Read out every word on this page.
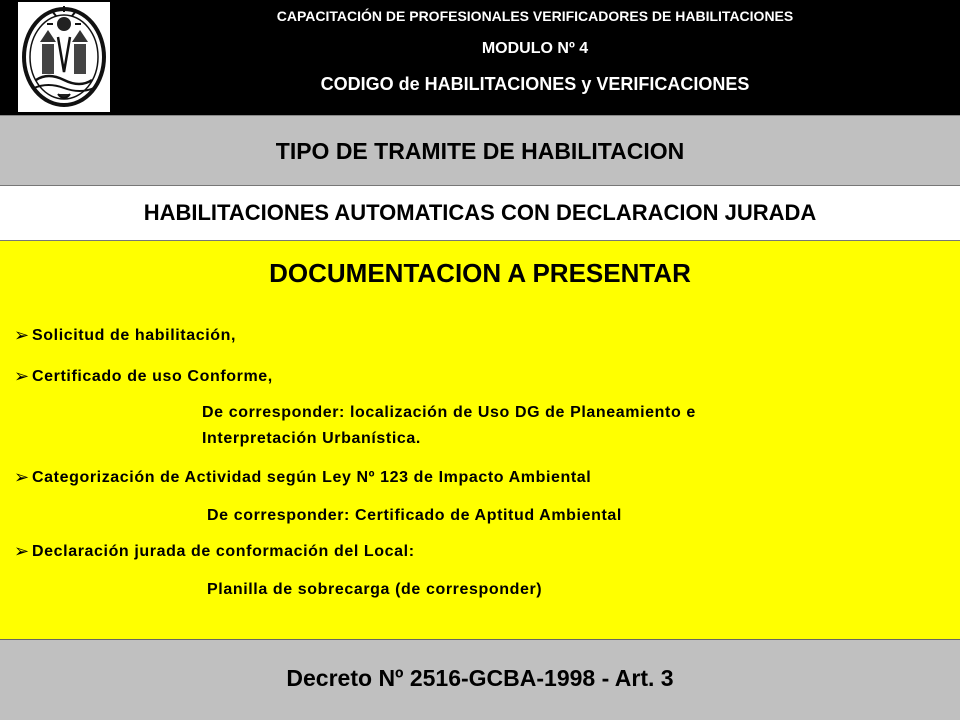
CAPACITACIÓN DE PROFESIONALES VERIFICADORES DE HABILITACIONES
MODULO Nº 4
CODIGO de HABILITACIONES y VERIFICACIONES
TIPO DE TRAMITE DE HABILITACION
HABILITACIONES AUTOMATICAS CON DECLARACION JURADA
DOCUMENTACION A PRESENTAR
➢ Solicitud de habilitación,
➢ Certificado de uso Conforme,
De corresponder: localización de Uso DG de Planeamiento e
Interpretación Urbanística.
➢ Categorización de Actividad según Ley Nº 123 de Impacto Ambiental
De corresponder: Certificado de Aptitud Ambiental
➢ Declaración jurada de conformación del Local:
Planilla de sobrecarga (de corresponder)
Decreto Nº 2516-GCBA-1998 - Art. 3
